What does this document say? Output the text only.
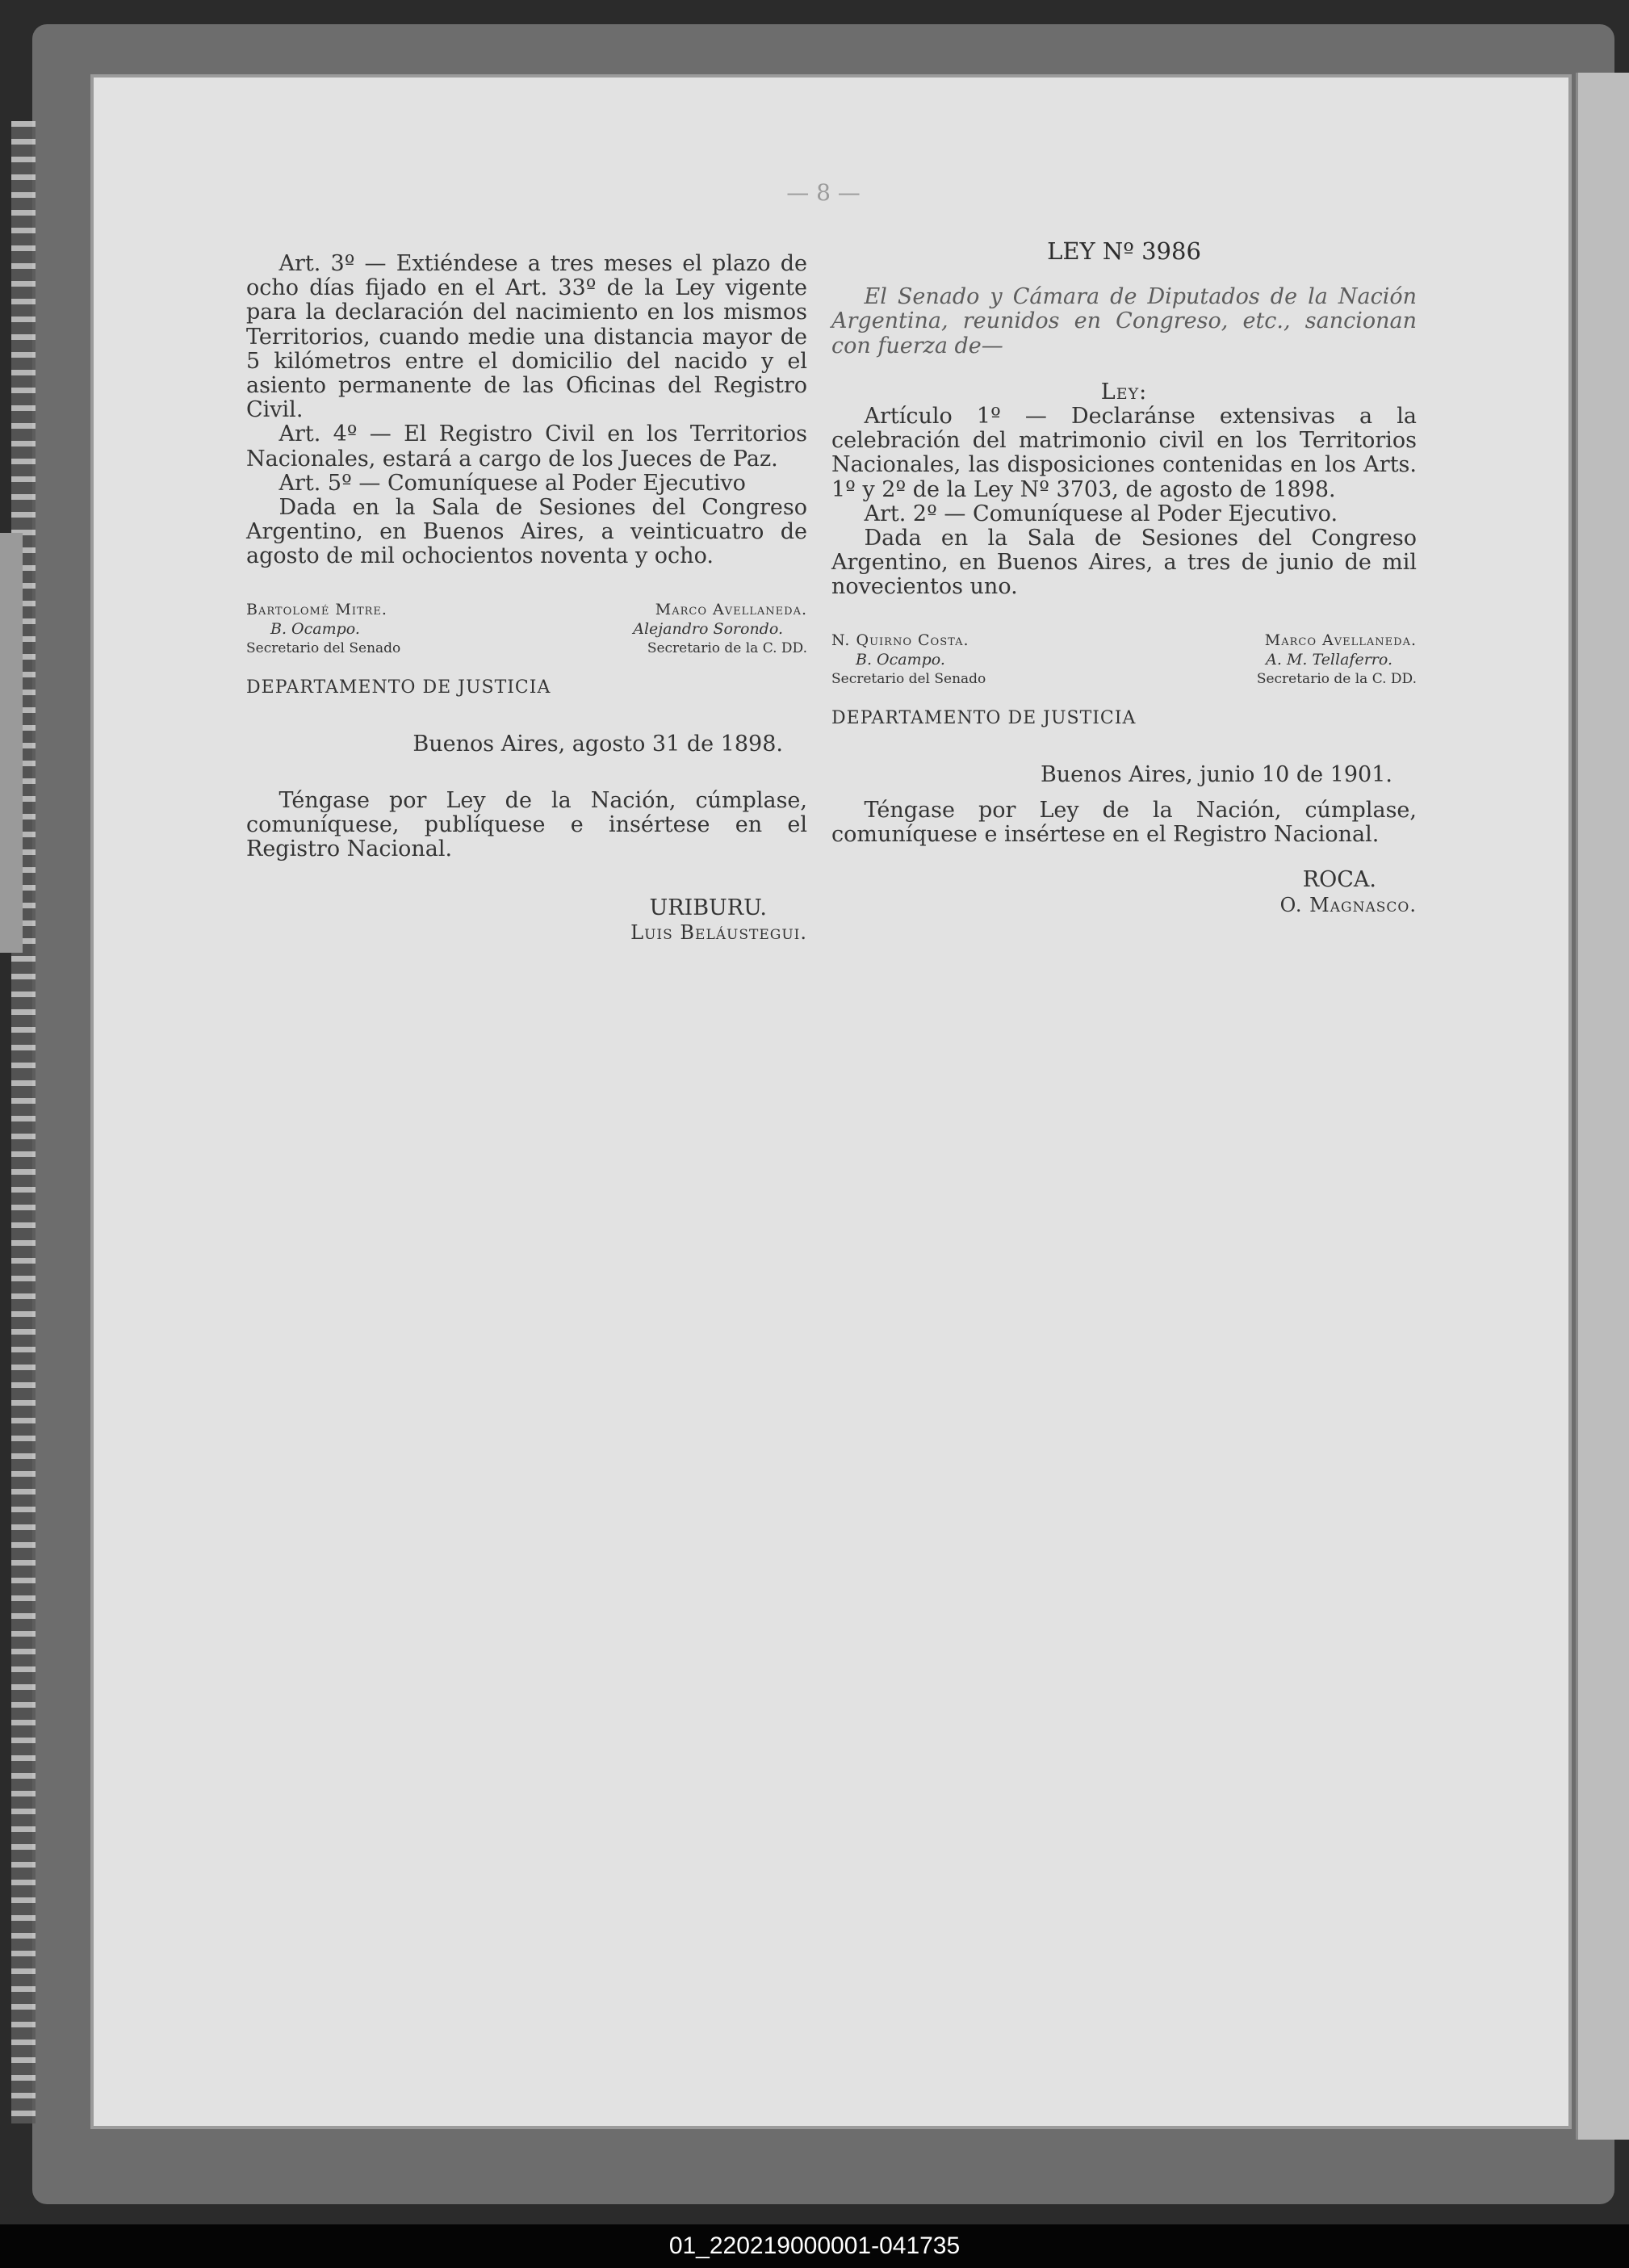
— 8 —

Art. 3º — Extiéndese a tres meses el plazo de ocho días fijado en el Art. 33º de la Ley vigente para la declaración del nacimiento en los mismos Territorios, cuando medie una distancia mayor de 5 kilómetros entre el domicilio del nacido y el asiento permanente de las Oficinas del Registro Civil.

Art. 4º — El Registro Civil en los Territorios Nacionales, estará a cargo de los Jueces de Paz.

Art. 5º — Comuníquese al Poder Ejecutivo

Dada en la Sala de Sesiones del Congreso Argentino, en Buenos Aires, a veinticuatro de agosto de mil ochocientos noventa y ocho.

Bartolomé Mitre.
B. Ocampo.
Secretario del Senado
Marco Avellaneda.
Alejandro Sorondo.
Secretario de la C. DD.
DEPARTAMENTO DE JUSTICIA
Buenos Aires, agosto 31 de 1898.

Téngase por Ley de la Nación, cúmplase, comuníquese, publíquese e insértese en el Registro Nacional.

URIBURU.
Luis Beláustegui.
LEY Nº 3986

El Senado y Cámara de Diputados de la Nación Argentina, reunidos en Congreso, etc., sancionan con fuerza de—

Ley:

Artículo 1º — Declaránse extensivas a la celebración del matrimonio civil en los Territorios Nacionales, las disposiciones contenidas en los Arts. 1º y 2º de la Ley Nº 3703, de agosto de 1898.

Art. 2º — Comuníquese al Poder Ejecutivo.

Dada en la Sala de Sesiones del Congreso Argentino, en Buenos Aires, a tres de junio de mil novecientos uno.

N. Quirno Costa.
B. Ocampo.
Secretario del Senado
Marco Avellaneda.
A. M. Tellaferro.
Secretario de la C. DD.
DEPARTAMENTO DE JUSTICIA
Buenos Aires, junio 10 de 1901.

Téngase por Ley de la Nación, cúmplase, comuníquese e insértese en el Registro Nacional.

ROCA.
O. Magnasco.
01_220219000001-041735
